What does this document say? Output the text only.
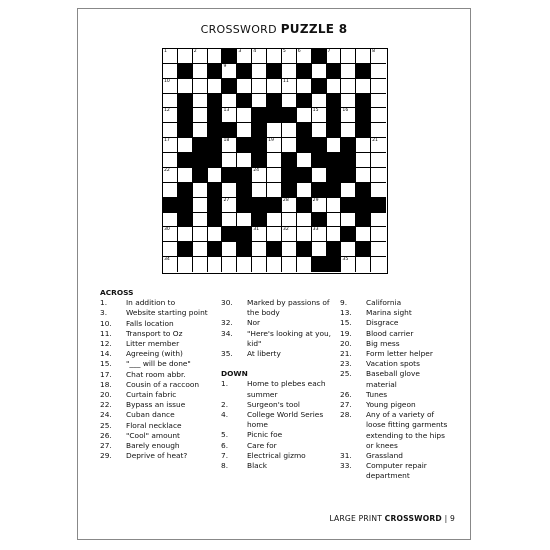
CROSSWORD PUZZLE 8
1	2	3	4	5	6	7	8
9
10	11
12	13	14	15	16
17	18	19	20	21
22	23	24	25
26	27	28	29
30	31	32	33
34	35
ACROSS
1.	In addition to
3.	Website starting point
10.	Falls location
11.	Transport to Oz
12.	Litter member
14.	Agreeing (with)
15.	"___ will be done"
17.	Chat room abbr.
18.	Cousin of a raccoon
20.	Curtain fabric
22.	Bypass an issue
24.	Cuban dance
25.	Floral necklace
26.	"Cool" amount
27.	Barely enough
29.	Deprive of heat?
30.	Marked by passions of the body
32.	Nor
34.	"Here's looking at you, kid"
35.	At liberty
DOWN
1.	Home to plebes each summer
2.	Surgeon's tool
4.	College World Series home
5.	Picnic foe
6.	Care for
7.	Electrical gizmo
8.	Black
9.	California
13.	Marina sight
15.	Disgrace
19.	Blood carrier
20.	Big mess
21.	Form letter helper
23.	Vacation spots
25.	Baseball glove material
26.	Tunes
27.	Young pigeon
28.	Any of a variety of loose fitting garments extending to the hips or knees
31.	Grassland
33.	Computer repair department
LARGE PRINT CROSSWORD | 9
